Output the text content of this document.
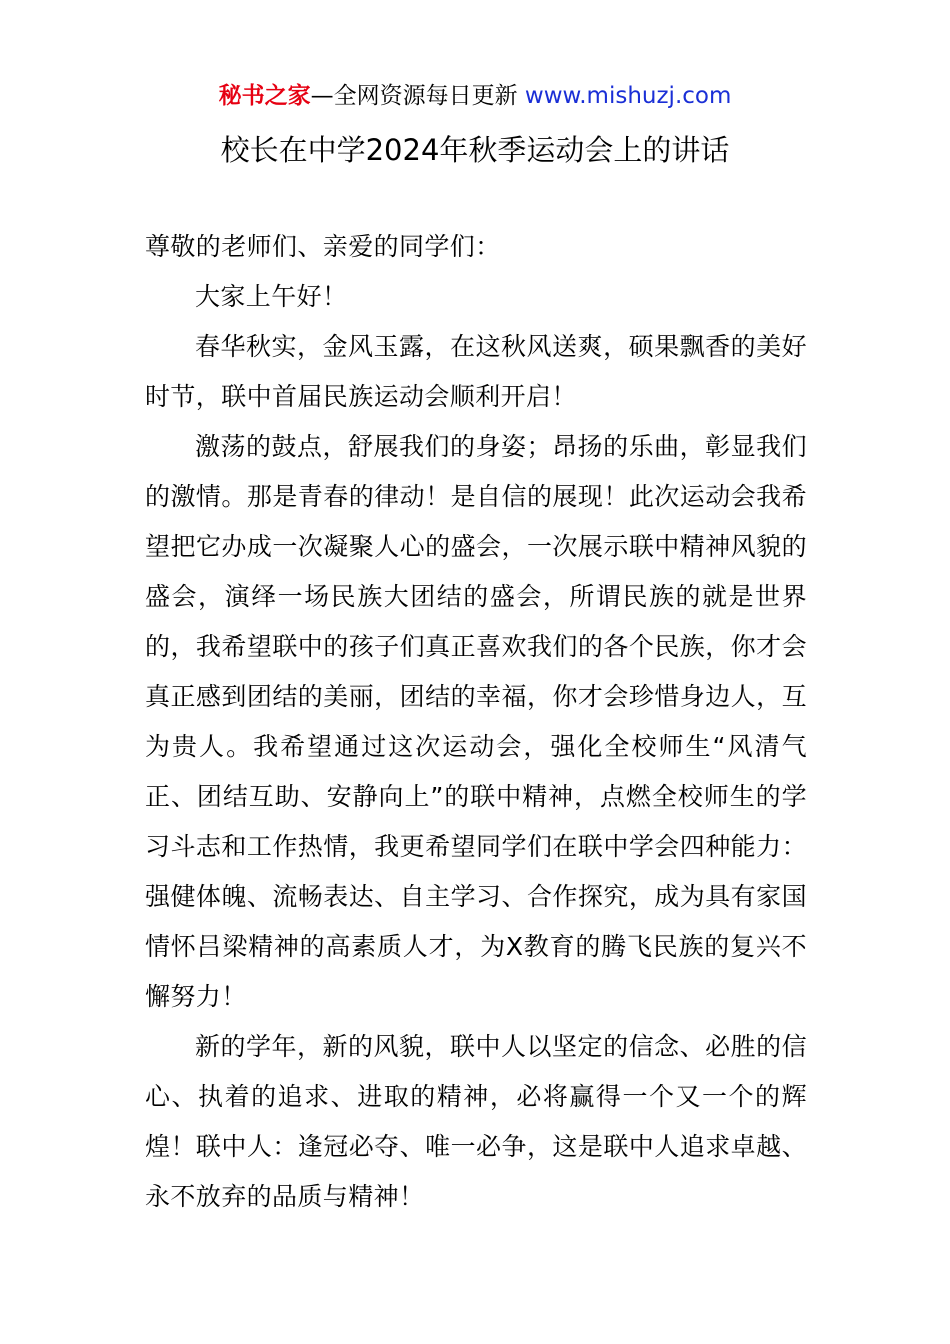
秘书之家—全网资源每日更新 www.mishuzj.com
校长在中学2024年秋季运动会上的讲话

尊敬的老师们、亲爱的同学们：

大家上午好！

春华秋实，金风玉露，在这秋风送爽，硕果飘香的美好时节，联中首届民族运动会顺利开启！

激荡的鼓点，舒展我们的身姿；昂扬的乐曲，彰显我们的激情。那是青春的律动！是自信的展现！此次运动会我希望把它办成一次凝聚人心的盛会，一次展示联中精神风貌的盛会，演绎一场民族大团结的盛会，所谓民族的就是世界的，我希望联中的孩子们真正喜欢我们的各个民族，你才会真正感到团结的美丽，团结的幸福，你才会珍惜身边人，互为贵人。我希望通过这次运动会，强化全校师生“风清气正、团结互助、安静向上”的联中精神，点燃全校师生的学习斗志和工作热情，我更希望同学们在联中学会四种能力：强健体魄、流畅表达、自主学习、合作探究，成为具有家国情怀吕梁精神的高素质人才，为X教育的腾飞民族的复兴不懈努力！

新的学年，新的风貌，联中人以坚定的信念、必胜的信心、执着的追求、进取的精神，必将赢得一个又一个的辉煌！联中人：逢冠必夺、唯一必争，这是联中人追求卓越、永不放弃的品质与精神！
